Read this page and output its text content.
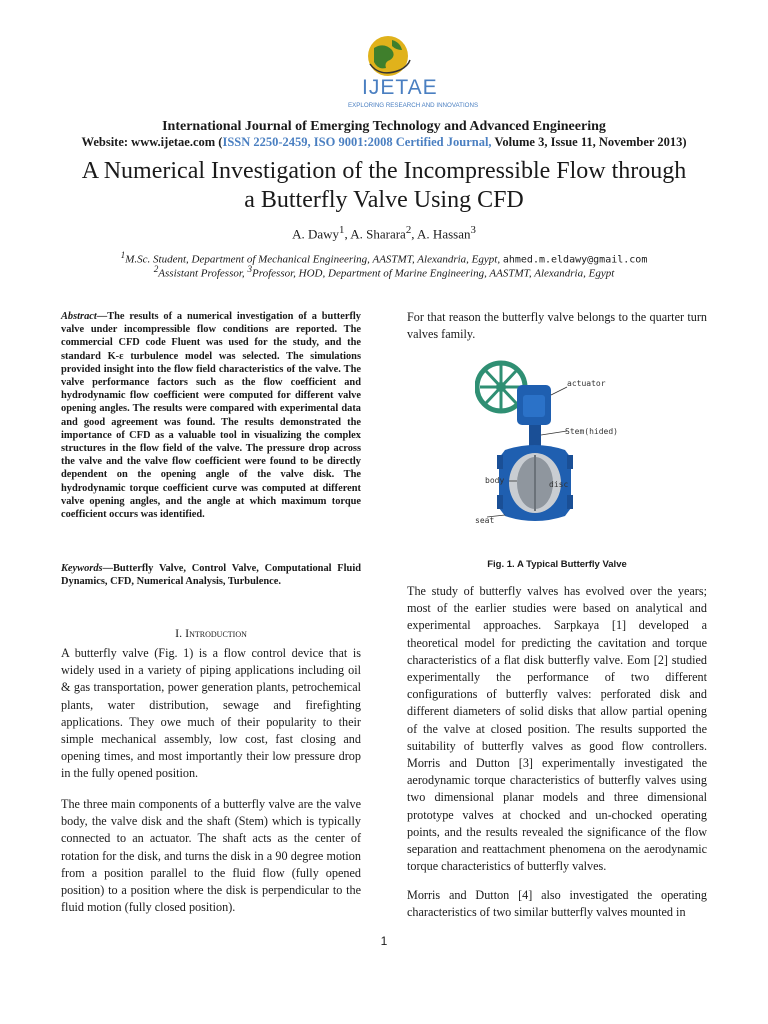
IJETAE
EXPLORING RESEARCH AND INNOVATIONS
International Journal of Emerging Technology and Advanced Engineering
Website: www.ijetae.com (ISSN 2250-2459, ISO 9001:2008 Certified Journal, Volume 3, Issue 11, November 2013)
A Numerical Investigation of the Incompressible Flow through
a Butterfly Valve Using CFD
A. Dawy$^1$, A. Sharara$^2$, A. Hassan$^3$
$^1$M.Sc. Student, Department of Mechanical Engineering, AASTMT, Alexandria, Egypt, ahmed.m.eldawy@gmail.com
$^2$Assistant Professor, $^3$Professor, HOD, Department of Marine Engineering, AASTMT, Alexandria, Egypt
Abstract—The results of a numerical investigation of a butterfly valve under incompressible flow conditions are reported. The commercial CFD code Fluent was used for the study, and the standard K-ε turbulence model was selected. The simulations provided insight into the flow field characteristics of the valve. The valve performance factors such as the flow coefficient and hydrodynamic flow coefficient were computed for different valve opening angles. The results were compared with experimental data and good agreement was found. The results demonstrated the importance of CFD as a valuable tool in visualizing the complex structures in the flow field of the valve. The pressure drop across the valve and the valve flow coefficient were found to be directly dependent on the opening angle of the valve disk. The hydrodynamic torque coefficient curve was computed at different valve opening angles, and the angle at which maximum torque coefficient occurs was identified.
Keywords—Butterfly Valve, Control Valve, Computational Fluid Dynamics, CFD, Numerical Analysis, Turbulence.
I. Introduction
A butterfly valve (Fig. 1) is a flow control device that is widely used in a variety of piping applications including oil & gas transportation, power generation plants, petrochemical plants, water distribution, sewage and firefighting applications. They owe much of their popularity to their simple mechanical assembly, low cost, fast closing and opening times, and most importantly their low pressure drop in the fully opened position.
The three main components of a butterfly valve are the valve body, the valve disk and the shaft (Stem) which is typically connected to an actuator. The shaft acts as the center of rotation for the disk, and turns the disk in a 90 degree motion from a position parallel to the fluid flow (fully opened position) to a position where the disk is perpendicular to the fluid motion (fully closed position).
For that reason the butterfly valve belongs to the quarter turn valves family.
actuator
Stem(hided)
body	disc
seat
Fig. 1. A Typical Butterfly Valve
The study of butterfly valves has evolved over the years; most of the earlier studies were based on analytical and experimental approaches. Sarpkaya [1] developed a theoretical model for predicting the cavitation and torque characteristics of a flat disk butterfly valve. Eom [2] studied experimentally the performance of two different configurations of butterfly valves: perforated disk and different diameters of solid disks that allow partial opening of the valve at closed position. The results supported the suitability of butterfly valves as good flow controllers. Morris and Dutton [3] experimentally investigated the aerodynamic torque characteristics of butterfly valves using two dimensional planar models and three dimensional prototype valves at chocked and un-chocked operating points, and the results revealed the significance of the flow separation and reattachment phenomena on the aerodynamic torque characteristics of butterfly valves.
Morris and Dutton [4] also investigated the operating characteristics of two similar butterfly valves mounted in
1
